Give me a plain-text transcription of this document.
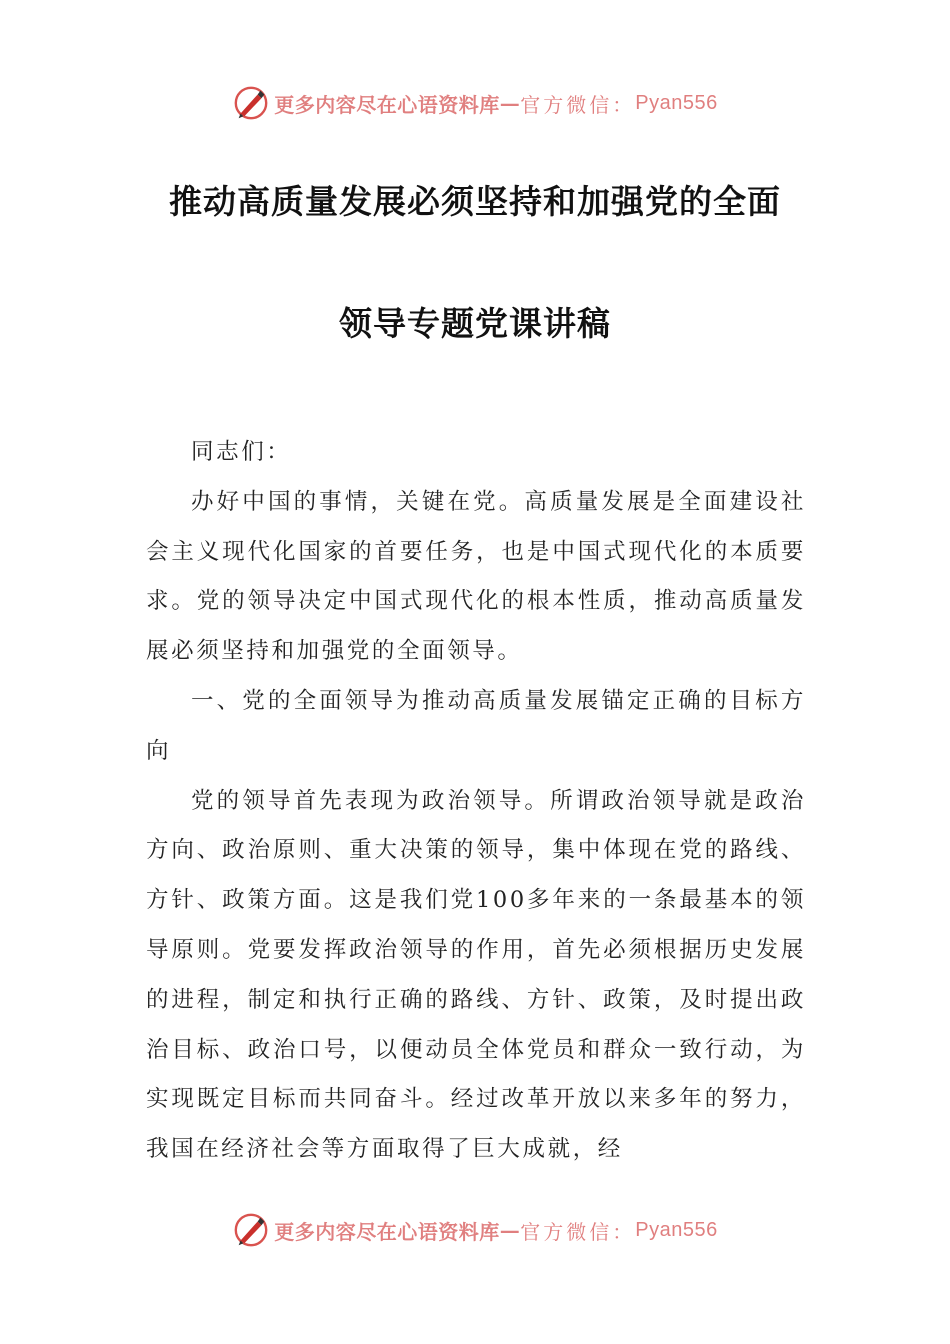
更多内容尽在心语资料库 — 官方微信： Pyan556
推动高质量发展必须坚持和加强党的全面
领导专题党课讲稿

同志们：

办好中国的事情，关键在党。高质量发展是全面建设社会主义现代化国家的首要任务，也是中国式现代化的本质要求。党的领导决定中国式现代化的根本性质，推动高质量发展必须坚持和加强党的全面领导。

一、党的全面领导为推动高质量发展锚定正确的目标方向

党的领导首先表现为政治领导。所谓政治领导就是政治方向、政治原则、重大决策的领导，集中体现在党的路线、方针、政策方面。这是我们党100多年来的一条最基本的领导原则。党要发挥政治领导的作用，首先必须根据历史发展的进程，制定和执行正确的路线、方针、政策，及时提出政治目标、政治口号，以便动员全体党员和群众一致行动，为实现既定目标而共同奋斗。经过改革开放以来多年的努力，我国在经济社会等方面取得了巨大成就，经

更多内容尽在心语资料库 — 官方微信： Pyan556
